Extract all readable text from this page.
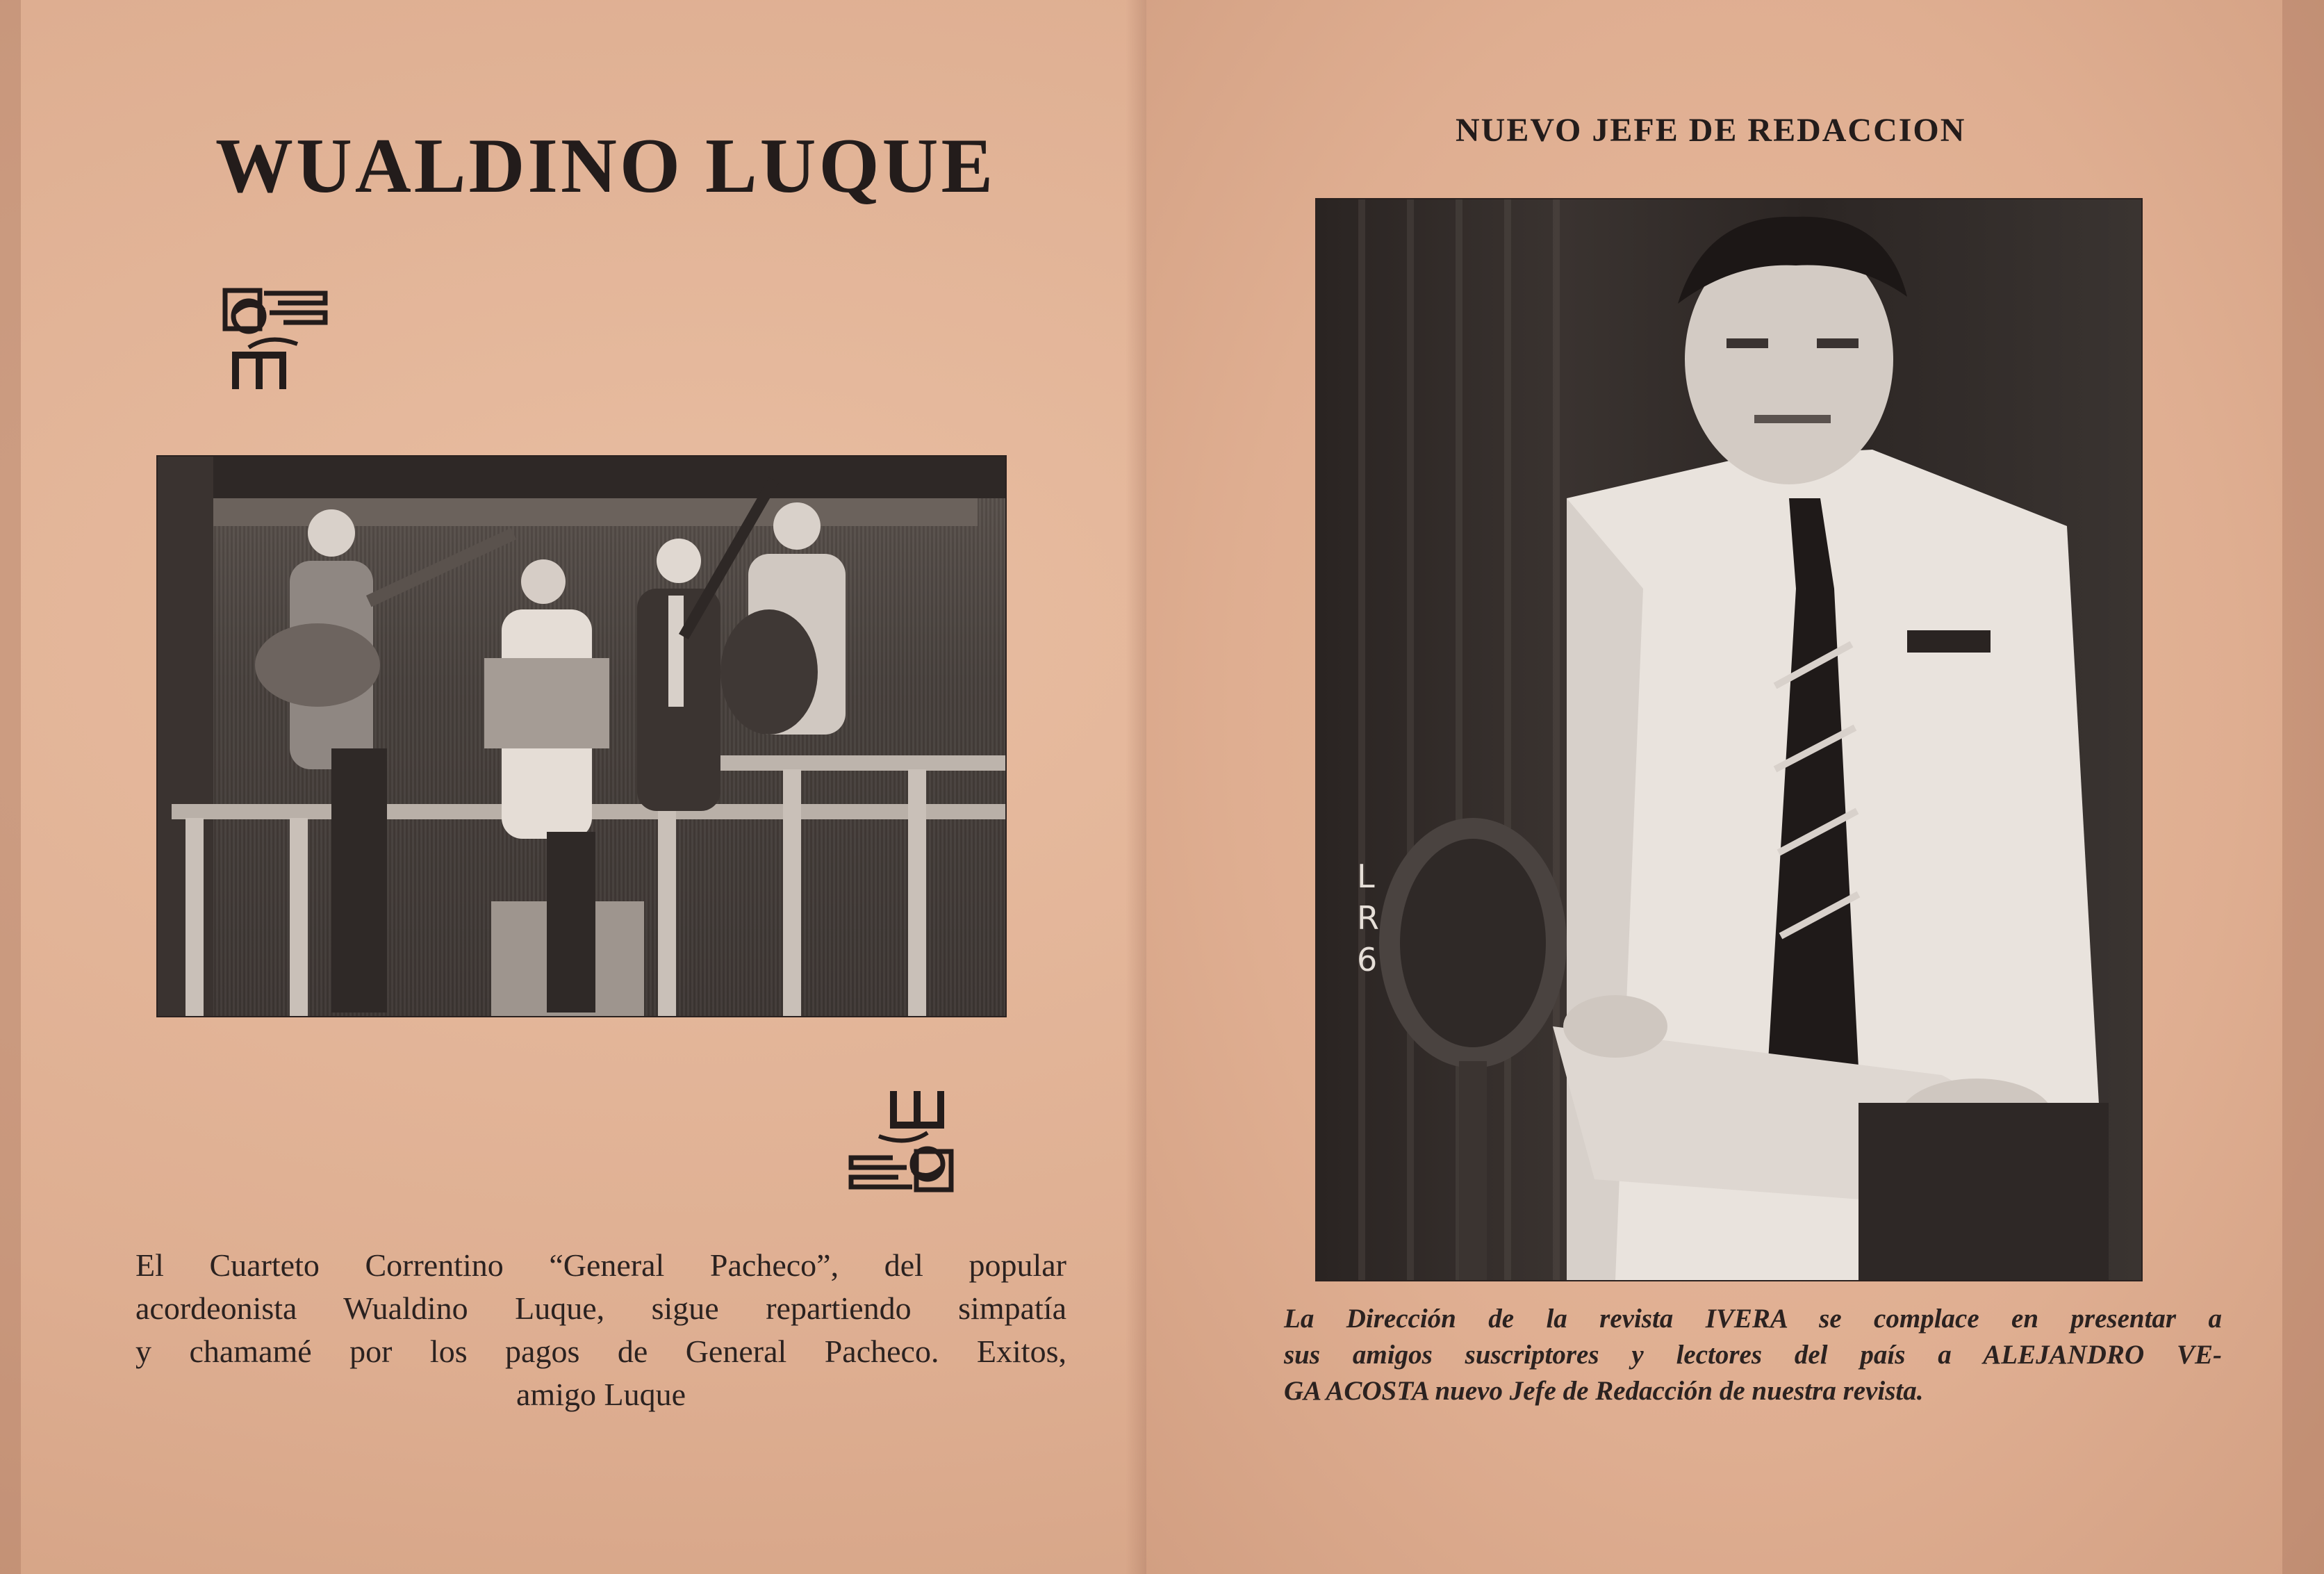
WUALDINO LUQUE
El Cuarteto Correntino “General Pacheco”, del popular
acordeonista Wualdino Luque, sigue repartiendo simpatía
y chamamé por los pagos de General Pacheco. Exitos,
amigo Luque
NUEVO JEFE DE REDACCION
L R 6
La Dirección de la revista IVERA se complace en presentar a
sus amigos suscriptores y lectores del país a ALEJANDRO VE-
GA ACOSTA nuevo Jefe de Redacción de nuestra revista.
